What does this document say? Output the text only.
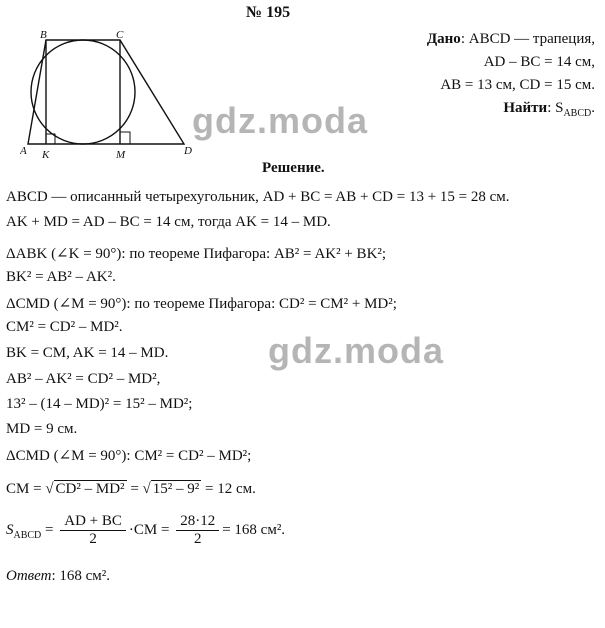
№ 195
Дано: ABCD — трапеция,
AD – BC = 14 см,
AB = 13 см, CD = 15 см.
Найти: $S_{ABCD}$.
A
B	C
D
K	M
gdz.moda
Решение.
ABCD — описанный четырехугольник, AD + BC = AB + CD = 13 + 15 = 28 см.
AK + MD = AD – BC = 14 см, тогда AK = 14 – MD.
ΔABK (∠K = 90°): по теореме Пифагора: AB² = AK² + BK²;
BK² = AB² – AK².
ΔCMD (∠M = 90°): по теореме Пифагора: CD² = CM² + MD²;
CM² = CD² – MD².
gdz.moda
BK = CM, AK = 14 – MD.
AB² – AK² = CD² – MD²,
13² – (14 – MD)² = 15² – MD²;
MD = 9 см.
ΔCMD (∠M = 90°): CM² = CD² – MD²;
CM = √ CD² – MD² = √ 15² – 9² = 12 см.
$S_{ABCD} = \frac{AD + BC}{2} \cdot CM = \frac{28\cdot 12}{2} = 168$ см².
Ответ: 168 см².
